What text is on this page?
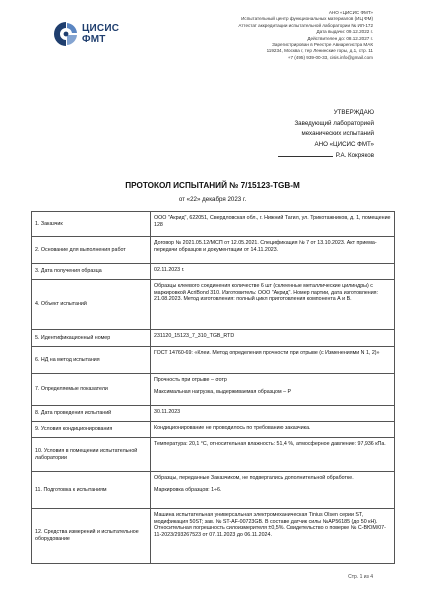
ЦИСИС
ФМТ
АНО «ЦИСИС ФМТ»
Испытательный центр функциональных материалов (ИЦ ФМ)
Аттестат аккредитации испытательной лаборатории № ИЛ-172
Дата выдачи: 09.12.2022 г.
Действителен до: 08.12.2027 г.
Зарегистрирован в Реестре Авиарегистра МАК
119234, Москва г, тер Ленинские горы, д.1, стр. 11
+7 (495) 939-00-33, cisis.info@gmail.com
УТВЕРЖДАЮ
Заведующий лабораторией
механических испытаний
АНО «ЦИСИС ФМТ»
Р.А. Кокряков
ПРОТОКОЛ ИСПЫТАНИЙ № 7/15123-TGB-M
от «22» декабря 2023 г.
1. Заказчик	ООО "Акрид", 622051, Свердловская обл., г. Нижний Тагил, ул. Трикотажников, д. 1, помещение 128

2. Основание для выполнения работ	Договор № 2021.05.12/МСП от 12.05.2021. Спецификация № 7 от 13.10.2023. Акт приема-передачи образцов и документации от 14.11.2023.

3. Дата получения образца	02.11.2023 г.

4. Объект испытаний	Образцы клеевого соединения количестве 6 шт (склеенные металлические цилиндры) с маркировкой AcriBond 310. Изготовитель: ООО "Акрид". Номер партии, дата изготовления: 21.08.2023. Метод изготовления: полный цикл приготовления компонента А и В.

5. Идентификационный номер	231120_15123_7_310_TGB_RTD

6. НД на метод испытания	ГОСТ 14760-69: «Клеи. Метод определения прочности при отрыве (с Изменениями N 1, 2)»

7. Определяемые показатели	Прочность при отрыве – σотр
Максимальная нагрузка, выдерживаемая образцом – P

8. Дата проведения испытаний	30.11.2023

9. Условия кондиционирования	Кондиционирование не проводилось по требованию заказчика.

10. Условия в помещении испытательной лаборатории	Температура: 20,1 °C, относительная влажность: 51,4 %, атмосферное давление: 97,936 кПа.

11. Подготовка к испытаниям	Образцы, переданные Заказчиком, не подвергались дополнительной обработке.
Маркировка образцов: 1÷6.

12. Средства измерений и испытательное оборудование	Машина испытательная универсальная электромеханическая Tinius Olsen серии ST, модификация 50ST; зав. № ST-AF-00723GB. В составе датчик силы №AP56185 (до 50 кН). Относительная погрешность силоизмерителя ±0,5%. Свидетельство о поверке № С-ВЮМ/07-11-2023/293267523 от 07.11.2023 до 06.11.2024.
Стр. 1 из 4
